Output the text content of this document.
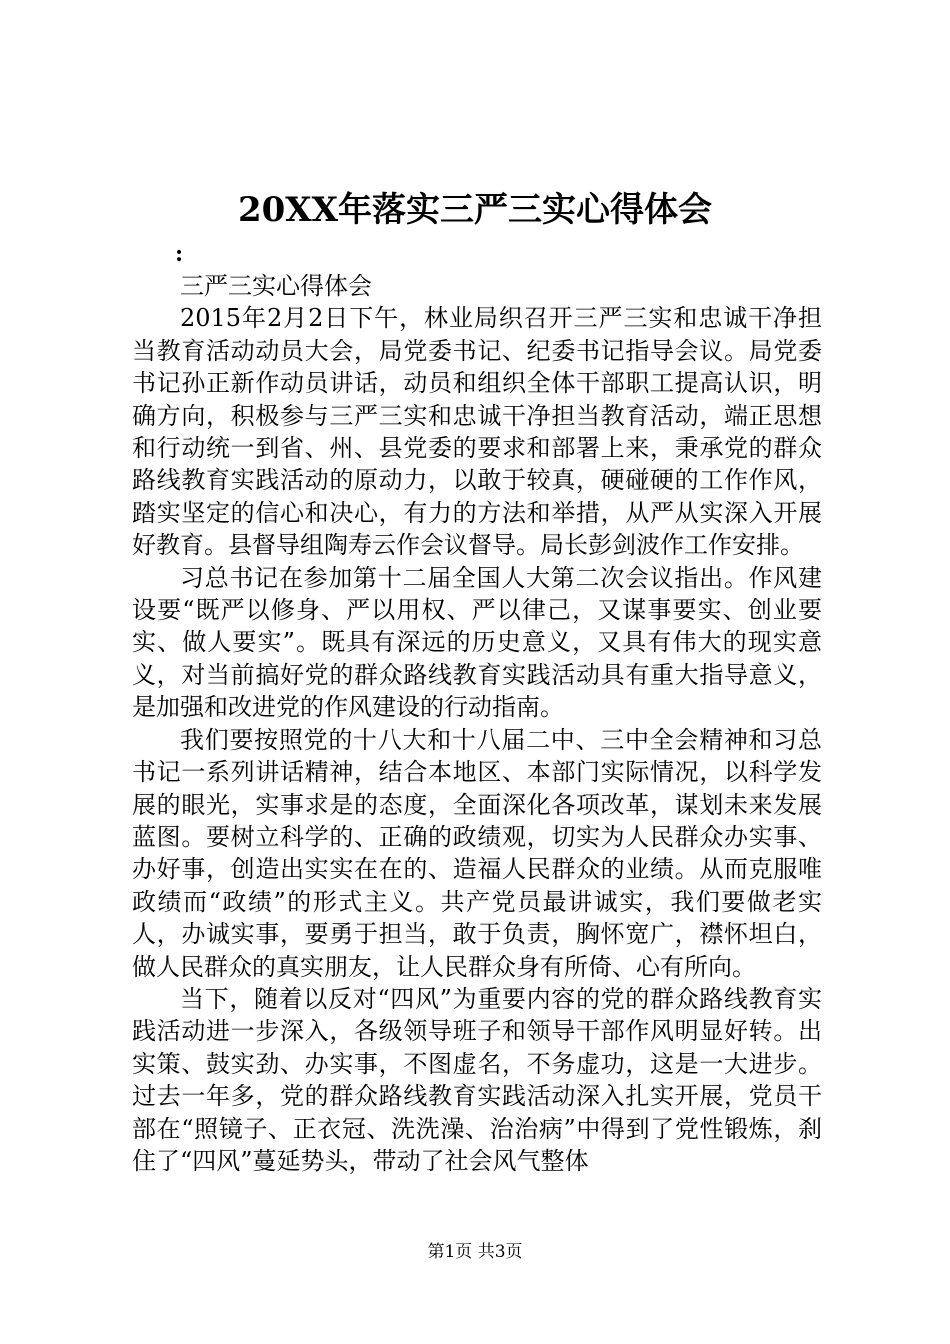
20XX年落实三严三实心得体会
:

三严三实心得体会

2015年2月2日下午，林业局织召开三严三实和忠诚干净担当教育活动动员大会，局党委书记、纪委书记指导会议。局党委书记孙正新作动员讲话，动员和组织全体干部职工提高认识，明确方向，积极参与三严三实和忠诚干净担当教育活动，端正思想和行动统一到省、州、县党委的要求和部署上来，秉承党的群众路线教育实践活动的原动力，以敢于较真，硬碰硬的工作作风，踏实坚定的信心和决心，有力的方法和举措，从严从实深入开展好教育。县督导组陶寿云作会议督导。局长彭剑波作工作安排。

习总书记在参加第十二届全国人大第二次会议指出。作风建设要“既严以修身、严以用权、严以律己，又谋事要实、创业要实、做人要实”。既具有深远的历史意义，又具有伟大的现实意义，对当前搞好党的群众路线教育实践活动具有重大指导意义，是加强和改进党的作风建设的行动指南。

我们要按照党的十八大和十八届二中、三中全会精神和习总书记一系列讲话精神，结合本地区、本部门实际情况，以科学发展的眼光，实事求是的态度，全面深化各项改革，谋划未来发展蓝图。要树立科学的、正确的政绩观，切实为人民群众办实事、办好事，创造出实实在在的、造福人民群众的业绩。从而克服唯政绩而“政绩”的形式主义。共产党员最讲诚实，我们要做老实人，办诚实事，要勇于担当，敢于负责，胸怀宽广，襟怀坦白，做人民群众的真实朋友，让人民群众身有所倚、心有所向。

当下，随着以反对“四风”为重要内容的党的群众路线教育实践活动进一步深入，各级领导班子和领导干部作风明显好转。出实策、鼓实劲、办实事，不图虚名，不务虚功，这是一大进步。过去一年多，党的群众路线教育实践活动深入扎实开展，党员干部在“照镜子、正衣冠、洗洗澡、治治病”中得到了党性锻炼，刹住了“四风”蔓延势头，带动了社会风气整体

第1页 共3页
